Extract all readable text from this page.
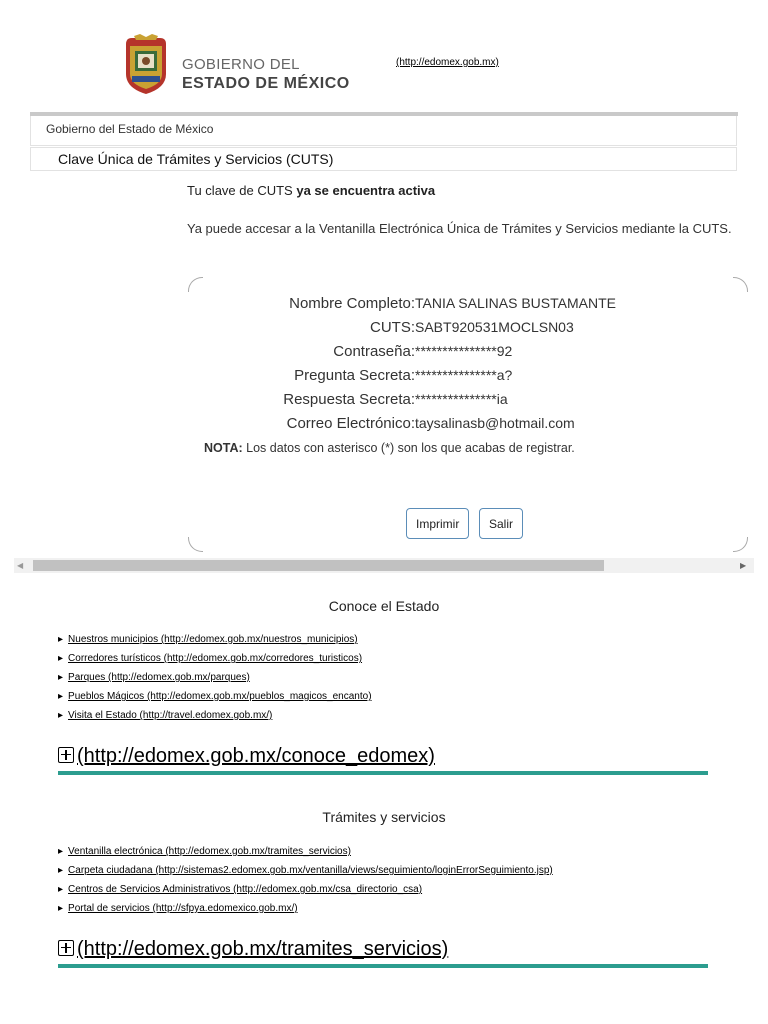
GOBIERNO DEL
ESTADO DE MÉXICO
(http://edomex.gob.mx)
Gobierno del Estado de México
Clave Única de Trámites y Servicios (CUTS)
Tu clave de CUTS ya se encuentra activa
Ya puede accesar a la Ventanilla Electrónica Única de Trámites y Servicios mediante la CUTS.
Nombre Completo: TANIA SALINAS BUSTAMANTE
CUTS: SABT920531MOCLSN03
Contraseña: ***************92
Pregunta Secreta: ***************a?
Respuesta Secreta: ***************ia
Correo Electrónico: taysalinasb@hotmail.com
NOTA: Los datos con asterisco (*) son los que acabas de registrar.
Imprimir	Salir
◀	▶
Conoce el Estado
▸ Nuestros municipios (http://edomex.gob.mx/nuestros_municipios)
▸ Corredores turísticos (http://edomex.gob.mx/corredores_turisticos)
▸ Parques (http://edomex.gob.mx/parques)
▸ Pueblos Mágicos (http://edomex.gob.mx/pueblos_magicos_encanto)
▸ Visita el Estado (http://travel.edomex.gob.mx/)
(http://edomex.gob.mx/conoce_edomex)
Trámites y servicios
▸ Ventanilla electrónica (http://edomex.gob.mx/tramites_servicios)
▸ Carpeta ciudadana (http://sistemas2.edomex.gob.mx/ventanilla/views/seguimiento/loginErrorSeguimiento.jsp)
▸ Centros de Servicios Administrativos (http://edomex.gob.mx/csa_directorio_csa)
▸ Portal de servicios (http://sfpya.edomexico.gob.mx/)
(http://edomex.gob.mx/tramites_servicios)
